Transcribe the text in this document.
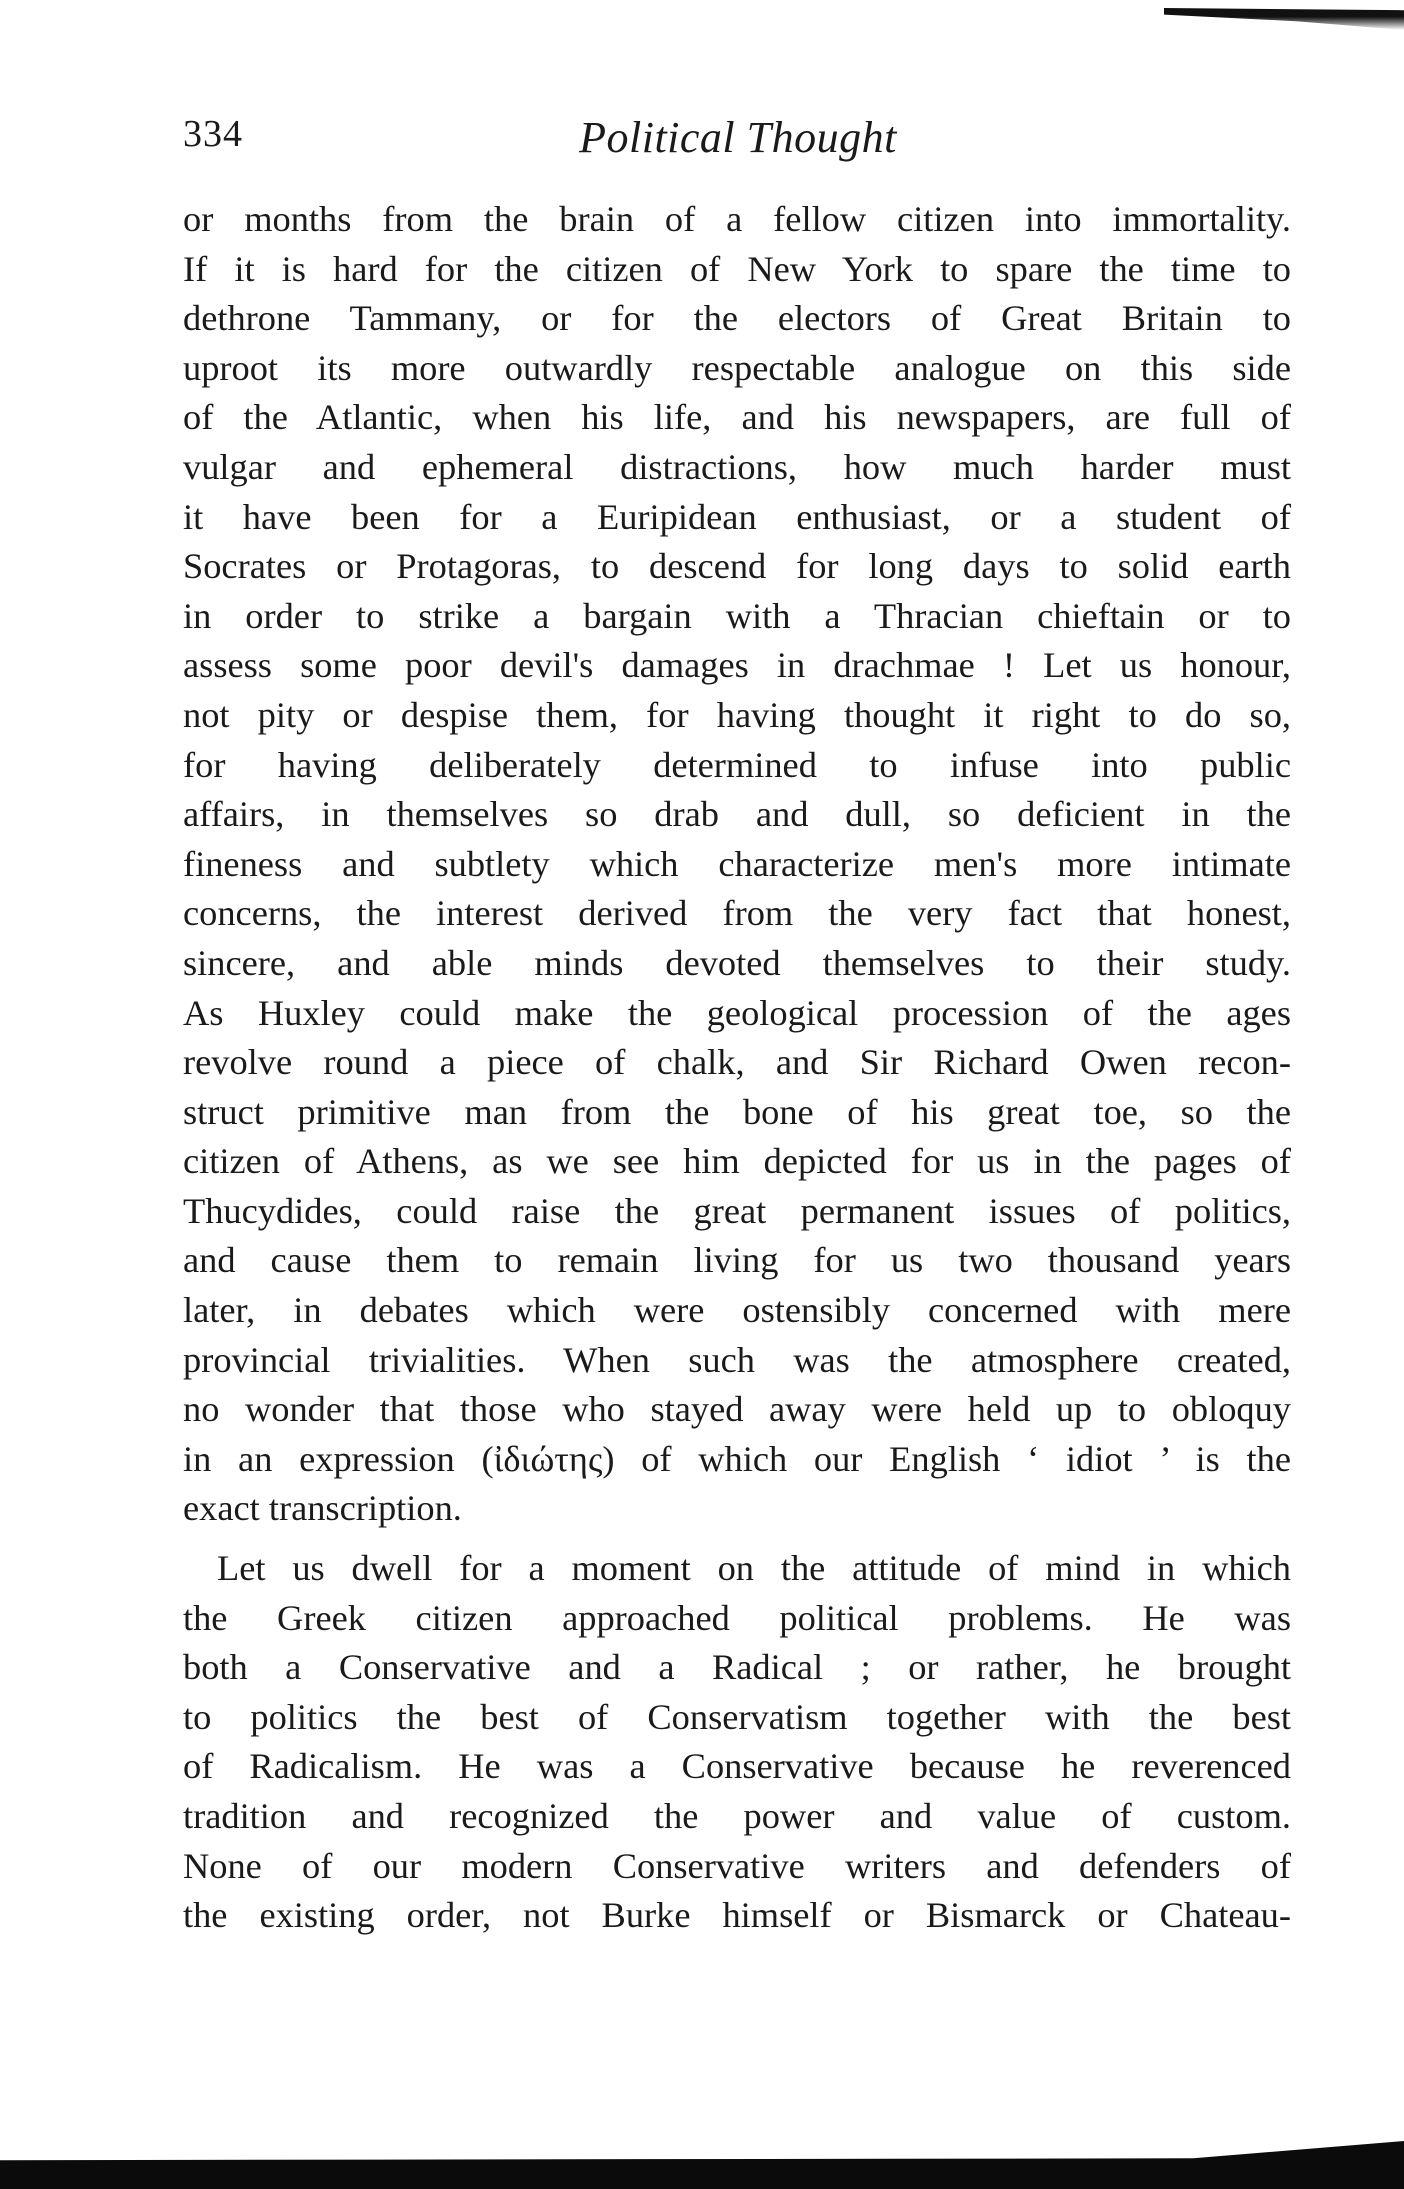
334	Political Thought
or months from the brain of a fellow citizen into immortality.
If it is hard for the citizen of New York to spare the time to
dethrone Tammany, or for the electors of Great Britain to
uproot its more outwardly respectable analogue on this side
of the Atlantic, when his life, and his newspapers, are full of
vulgar and ephemeral distractions, how much harder must
it have been for a Euripidean enthusiast, or a student of
Socrates or Protagoras, to descend for long days to solid earth
in order to strike a bargain with a Thracian chieftain or to
assess some poor devil's damages in drachmae ! Let us honour,
not pity or despise them, for having thought it right to do so,
for having deliberately determined to infuse into public
affairs, in themselves so drab and dull, so deficient in the
fineness and subtlety which characterize men's more intimate
concerns, the interest derived from the very fact that honest,
sincere, and able minds devoted themselves to their study.
As Huxley could make the geological procession of the ages
revolve round a piece of chalk, and Sir Richard Owen recon-
struct primitive man from the bone of his great toe, so the
citizen of Athens, as we see him depicted for us in the pages of
Thucydides, could raise the great permanent issues of politics,
and cause them to remain living for us two thousand years
later, in debates which were ostensibly concerned with mere
provincial trivialities. When such was the atmosphere created,
no wonder that those who stayed away were held up to obloquy
in an expression (ἰδιώτης) of which our English ‘ idiot ’ is the
exact transcription.
Let us dwell for a moment on the attitude of mind in which
the Greek citizen approached political problems. He was
both a Conservative and a Radical ; or rather, he brought
to politics the best of Conservatism together with the best
of Radicalism. He was a Conservative because he reverenced
tradition and recognized the power and value of custom.
None of our modern Conservative writers and defenders of
the existing order, not Burke himself or Bismarck or Chateau-
